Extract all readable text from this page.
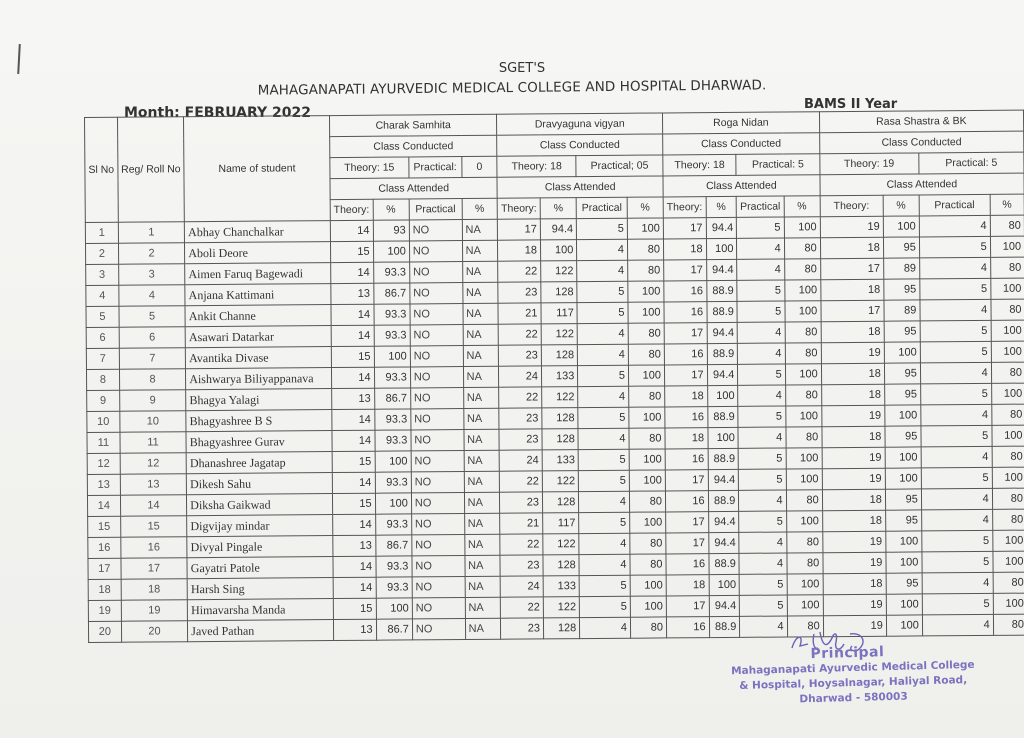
SGET'S
MAHAGANAPATI AYURVEDIC MEDICAL COLLEGE AND HOSPITAL DHARWAD.
Month: FEBRUARY 2022
BAMS II Year
Sl No	Reg/ Roll No	Name of student	Charak Samhita				Dravyaguna vigyan				Roga Nidan				Rasa Shastra & BK			
			Class Conducted				Class Conducted				Class Conducted				Class Conducted			
			Theory: 15		Practical:	0	Theory: 18		Practical; 05		Theory: 18		Practical: 5		Theory: 19		Practical: 5	
			Class Attended				Class Attended				Class Attended				Class Attended			
			Theory:	%	Practical	%	Theory:	%	Practical	%	Theory:	%	Practical	%	Theory:	%	Practical	%
1	1	Abhay Chanchalkar	14	93	NO	NA	17	94.4	5	100	17	94.4	5	100	19	100	4	80
2	2	Aboli Deore	15	100	NO	NA	18	100	4	80	18	100	4	80	18	95	5	100
3	3	Aimen Faruq Bagewadi	14	93.3	NO	NA	22	122	4	80	17	94.4	4	80	17	89	4	80
4	4	Anjana Kattimani	13	86.7	NO	NA	23	128	5	100	16	88.9	5	100	18	95	5	100
5	5	Ankit Channe	14	93.3	NO	NA	21	117	5	100	16	88.9	5	100	17	89	4	80
6	6	Asawari Datarkar	14	93.3	NO	NA	22	122	4	80	17	94.4	4	80	18	95	5	100
7	7	Avantika Divase	15	100	NO	NA	23	128	4	80	16	88.9	4	80	19	100	5	100
8	8	Aishwarya Biliyappanava	14	93.3	NO	NA	24	133	5	100	17	94.4	5	100	18	95	4	80
9	9	Bhagya Yalagi	13	86.7	NO	NA	22	122	4	80	18	100	4	80	18	95	5	100
10	10	Bhagyashree B S	14	93.3	NO	NA	23	128	5	100	16	88.9	5	100	19	100	4	80
11	11	Bhagyashree Gurav	14	93.3	NO	NA	23	128	4	80	18	100	4	80	18	95	5	100
12	12	Dhanashree Jagatap	15	100	NO	NA	24	133	5	100	16	88.9	5	100	19	100	4	80
13	13	Dikesh Sahu	14	93.3	NO	NA	22	122	5	100	17	94.4	5	100	19	100	5	100
14	14	Diksha Gaikwad	15	100	NO	NA	23	128	4	80	16	88.9	4	80	18	95	4	80
15	15	Digvijay mindar	14	93.3	NO	NA	21	117	5	100	17	94.4	5	100	18	95	4	80
16	16	Divyal Pingale	13	86.7	NO	NA	22	122	4	80	17	94.4	4	80	19	100	5	100
17	17	Gayatri Patole	14	93.3	NO	NA	23	128	4	80	16	88.9	4	80	19	100	5	100
18	18	Harsh Sing	14	93.3	NO	NA	24	133	5	100	18	100	5	100	18	95	4	80
19	19	Himavarsha Manda	15	100	NO	NA	22	122	5	100	17	94.4	5	100	19	100	5	100
20	20	Javed Pathan	13	86.7	NO	NA	23	128	4	80	16	88.9	4	80	19	100	4	80
Principal
Mahaganapati Ayurvedic Medical College
& Hospital, Hoysalnagar, Haliyal Road,
Dharwad - 580003
